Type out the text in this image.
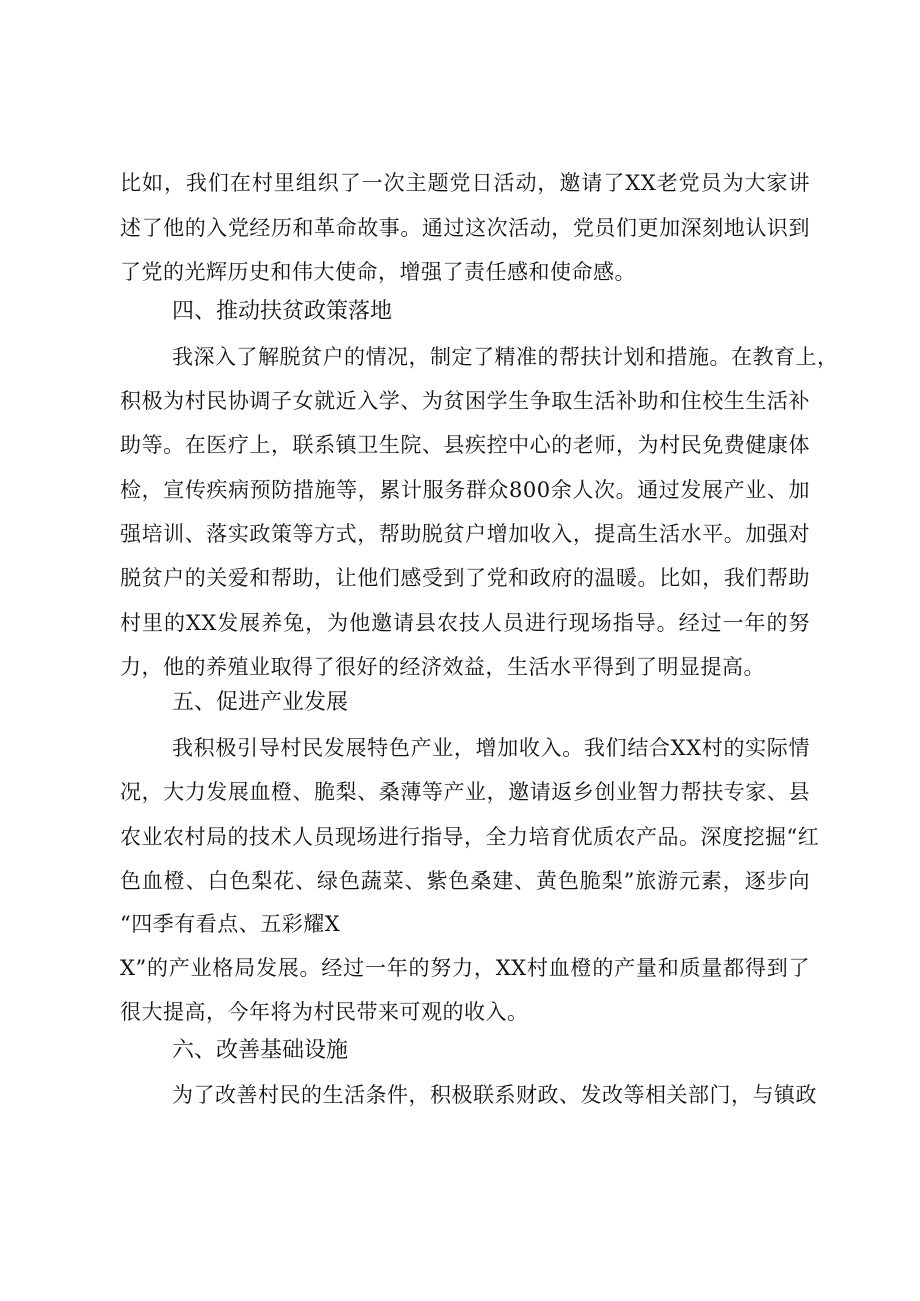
比如，我们在村里组织了一次主题党日活动，邀请了XX老党员为大家讲
述了他的入党经历和革命故事。通过这次活动，党员们更加深刻地认识到
了党的光辉历史和伟大使命，增强了责任感和使命感。
四、推动扶贫政策落地
我深入了解脱贫户的情况，制定了精准的帮扶计划和措施。在教育上，
积极为村民协调子女就近入学、为贫困学生争取生活补助和住校生生活补
助等。在医疗上，联系镇卫生院、县疾控中心的老师，为村民免费健康体
检，宣传疾病预防措施等，累计服务群众800余人次。通过发展产业、加
强培训、落实政策等方式，帮助脱贫户增加收入，提高生活水平。加强对
脱贫户的关爱和帮助，让他们感受到了党和政府的温暖。比如，我们帮助
村里的XX发展养兔，为他邀请县农技人员进行现场指导。经过一年的努
力，他的养殖业取得了很好的经济效益，生活水平得到了明显提高。
五、促进产业发展
我积极引导村民发展特色产业，增加收入。我们结合XX村的实际情
况，大力发展血橙、脆梨、桑薄等产业，邀请返乡创业智力帮扶专家、县
农业农村局的技术人员现场进行指导，全力培育优质农产品。深度挖掘“红
色血橙、白色梨花、绿色蔬菜、紫色桑建、黄色脆梨”旅游元素，逐步向
“四季有看点、五彩耀X
X”的产业格局发展。经过一年的努力，XX村血橙的产量和质量都得到了
很大提高，今年将为村民带来可观的收入。
六、改善基础设施
为了改善村民的生活条件，积极联系财政、发改等相关部门，与镇政
